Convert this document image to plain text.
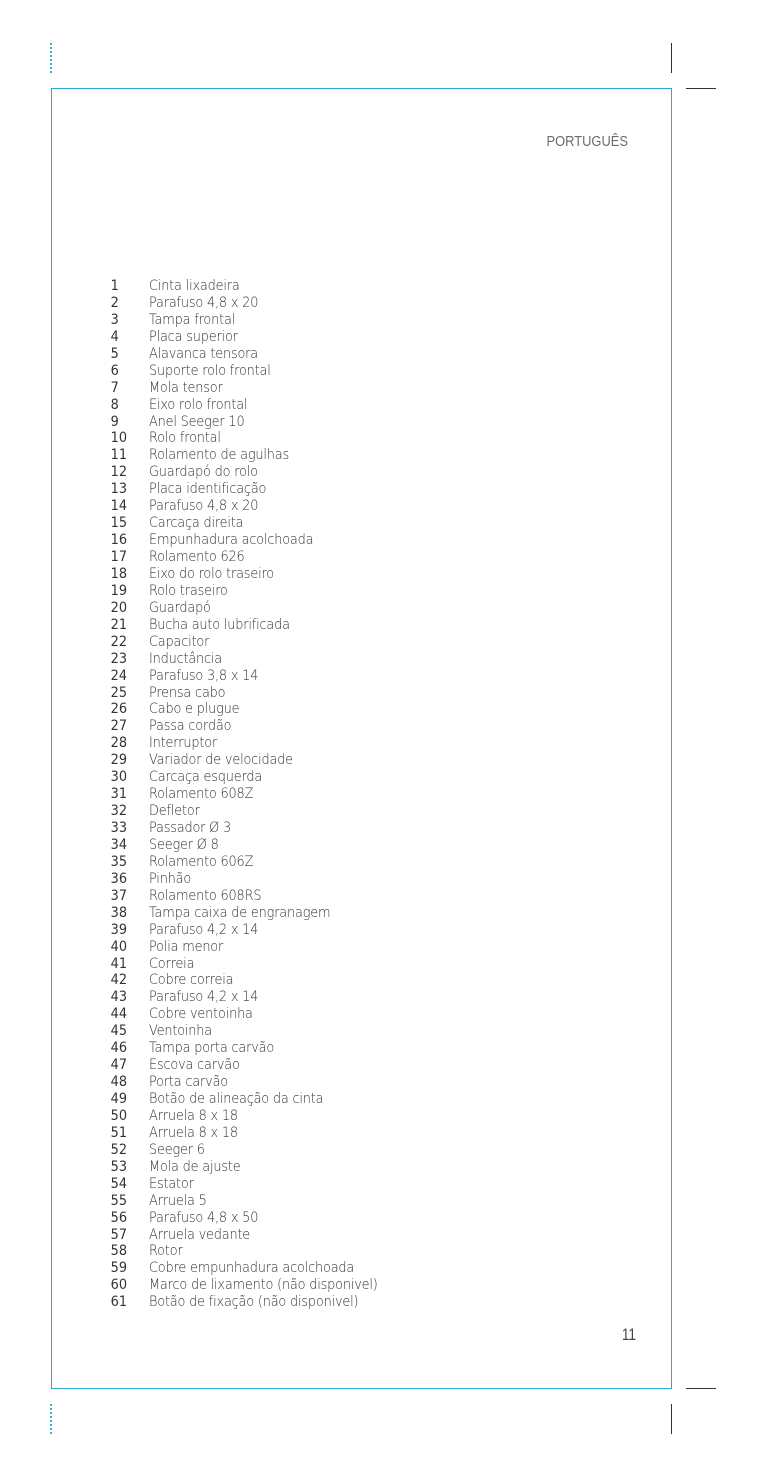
PORTUGUÊS
1	Cinta lixadeira
2	Parafuso 4,8 x 20
3	Tampa frontal
4	Placa superior
5	Alavanca tensora
6	Suporte rolo frontal
7	Mola tensor
8	Eixo rolo frontal
9	Anel Seeger 10
10	Rolo frontal
11	Rolamento de agulhas
12	Guardapó do rolo
13	Placa identificação
14	Parafuso 4,8 x 20
15	Carcaça direita
16	Empunhadura acolchoada
17	Rolamento 626
18	Eixo do rolo traseiro
19	Rolo traseiro
20	Guardapó
21	Bucha auto lubrificada
22	Capacitor
23	Inductância
24	Parafuso 3,8 x 14
25	Prensa cabo
26	Cabo e plugue
27	Passa cordão
28	Interruptor
29	Variador de velocidade
30	Carcaça esquerda
31	Rolamento 608Z
32	Defletor
33	Passador Ø 3
34	Seeger Ø 8
35	Rolamento 606Z
36	Pinhão
37	Rolamento 608RS
38	Tampa caixa de engranagem
39	Parafuso 4,2 x 14
40	Polia menor
41	Correia
42	Cobre correia
43	Parafuso 4,2 x 14
44	Cobre ventoinha
45	Ventoinha
46	Tampa porta carvão
47	Escova carvão
48	Porta carvão
49	Botão de alineação da cinta
50	Arruela 8 x 18
51	Arruela 8 x 18
52	Seeger 6
53	Mola de ajuste
54	Estator
55	Arruela 5
56	Parafuso 4,8 x 50
57	Arruela vedante
58	Rotor
59	Cobre empunhadura acolchoada
60	Marco de lixamento (não disponivel)
61	Botão de fixação (não disponivel)
11
